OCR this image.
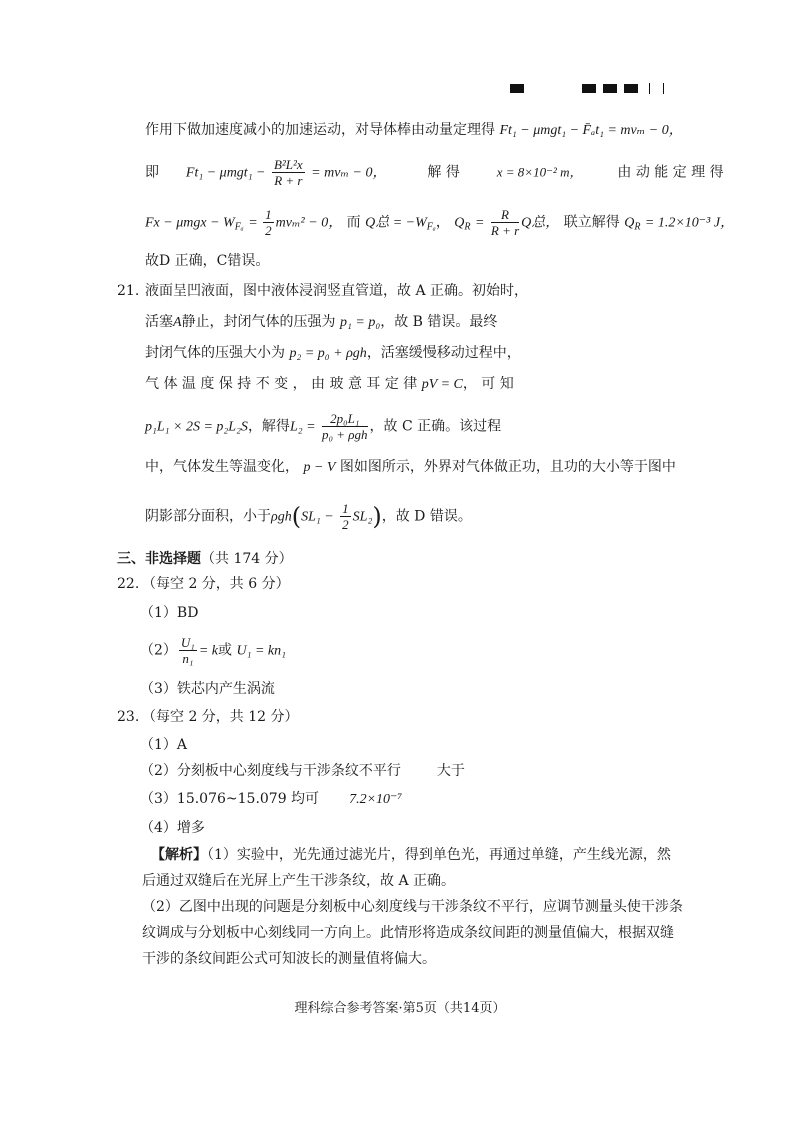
作用下做加速度减小的加速运动，对导体棒由动量定理得 Ft₁ − μmgt₁ − F̄ₐt₁ = mvₘ − 0，
即 $Ft_1 - \mu mgt_1 - \frac{\text{B²L²x}}{R + r} = mv_m - 0$，	解 得	x = 8×10⁻² m， 由 动 能 定 理 得
$Fx - \mu mgx - W_{F_a} = \frac{1}{2} mv_m^2 - 0$， 而 Q总 = $-W_{F_a}$， $Q_R = \frac{R}{R + r}$ Q总， 联立解得 $Q_R = 1.2\times 10^{-3}$ J，
故D 正确，C错误。
21. 液面呈凹液面，图中液体浸润竖直管道，故 A 正确。初始时，
活塞A静止，封闭气体的压强为 p₁ = p₀，故 B 错误。最终
封闭气体的压强大小为 p₂ = p₀ + ρgh，活塞缓慢移动过程中，
气 体 温 度 保 持 不 变 ， 由 玻 意 耳 定 律 pV = C， 可 知
p₁L₁ × 2S = p₂L₂S，解得$L_2 = \frac{\text{2p₀L₁}}{\text{p₀ + ρgh}}$ ，故 C 正确。该过程
中，气体发生等温变化， p − V 图如图所示，外界对气体做正功，且功的大小等于图中
阴影部分面积，小于$\rho gh(SL_1 - \frac{1}{2} SL_2)$，故 D 错误。
三、非选择题（共 174 分）
22. （每空 2 分，共 6 分）
（1）BD
$(2) \frac{\text{U₁}}{\text{n₁}} = k$或 U₁ = kn₁
（3）铁芯内产生涡流
23. （每空 2 分，共 12 分）
（1）A
（2）分刻板中心刻度线与干涉条纹不平行	大于
（3）15.076~15.079 均可 7.2×10⁻⁷
（4）增多
【解析】（1）实验中，光先通过滤光片，得到单色光，再通过单缝，产生线光源，然
后通过双缝后在光屏上产生干涉条纹，故 A 正确。
（2）乙图中出现的问题是分刻板中心刻度线与干涉条纹不平行，应调节测量头使干涉条
纹调成与分划板中心刻线同一方向上。此情形将造成条纹间距的测量值偏大，根据双缝
干涉的条纹间距公式可知波长的测量值将偏大。
理科综合参考答案·第5页（共14页）
